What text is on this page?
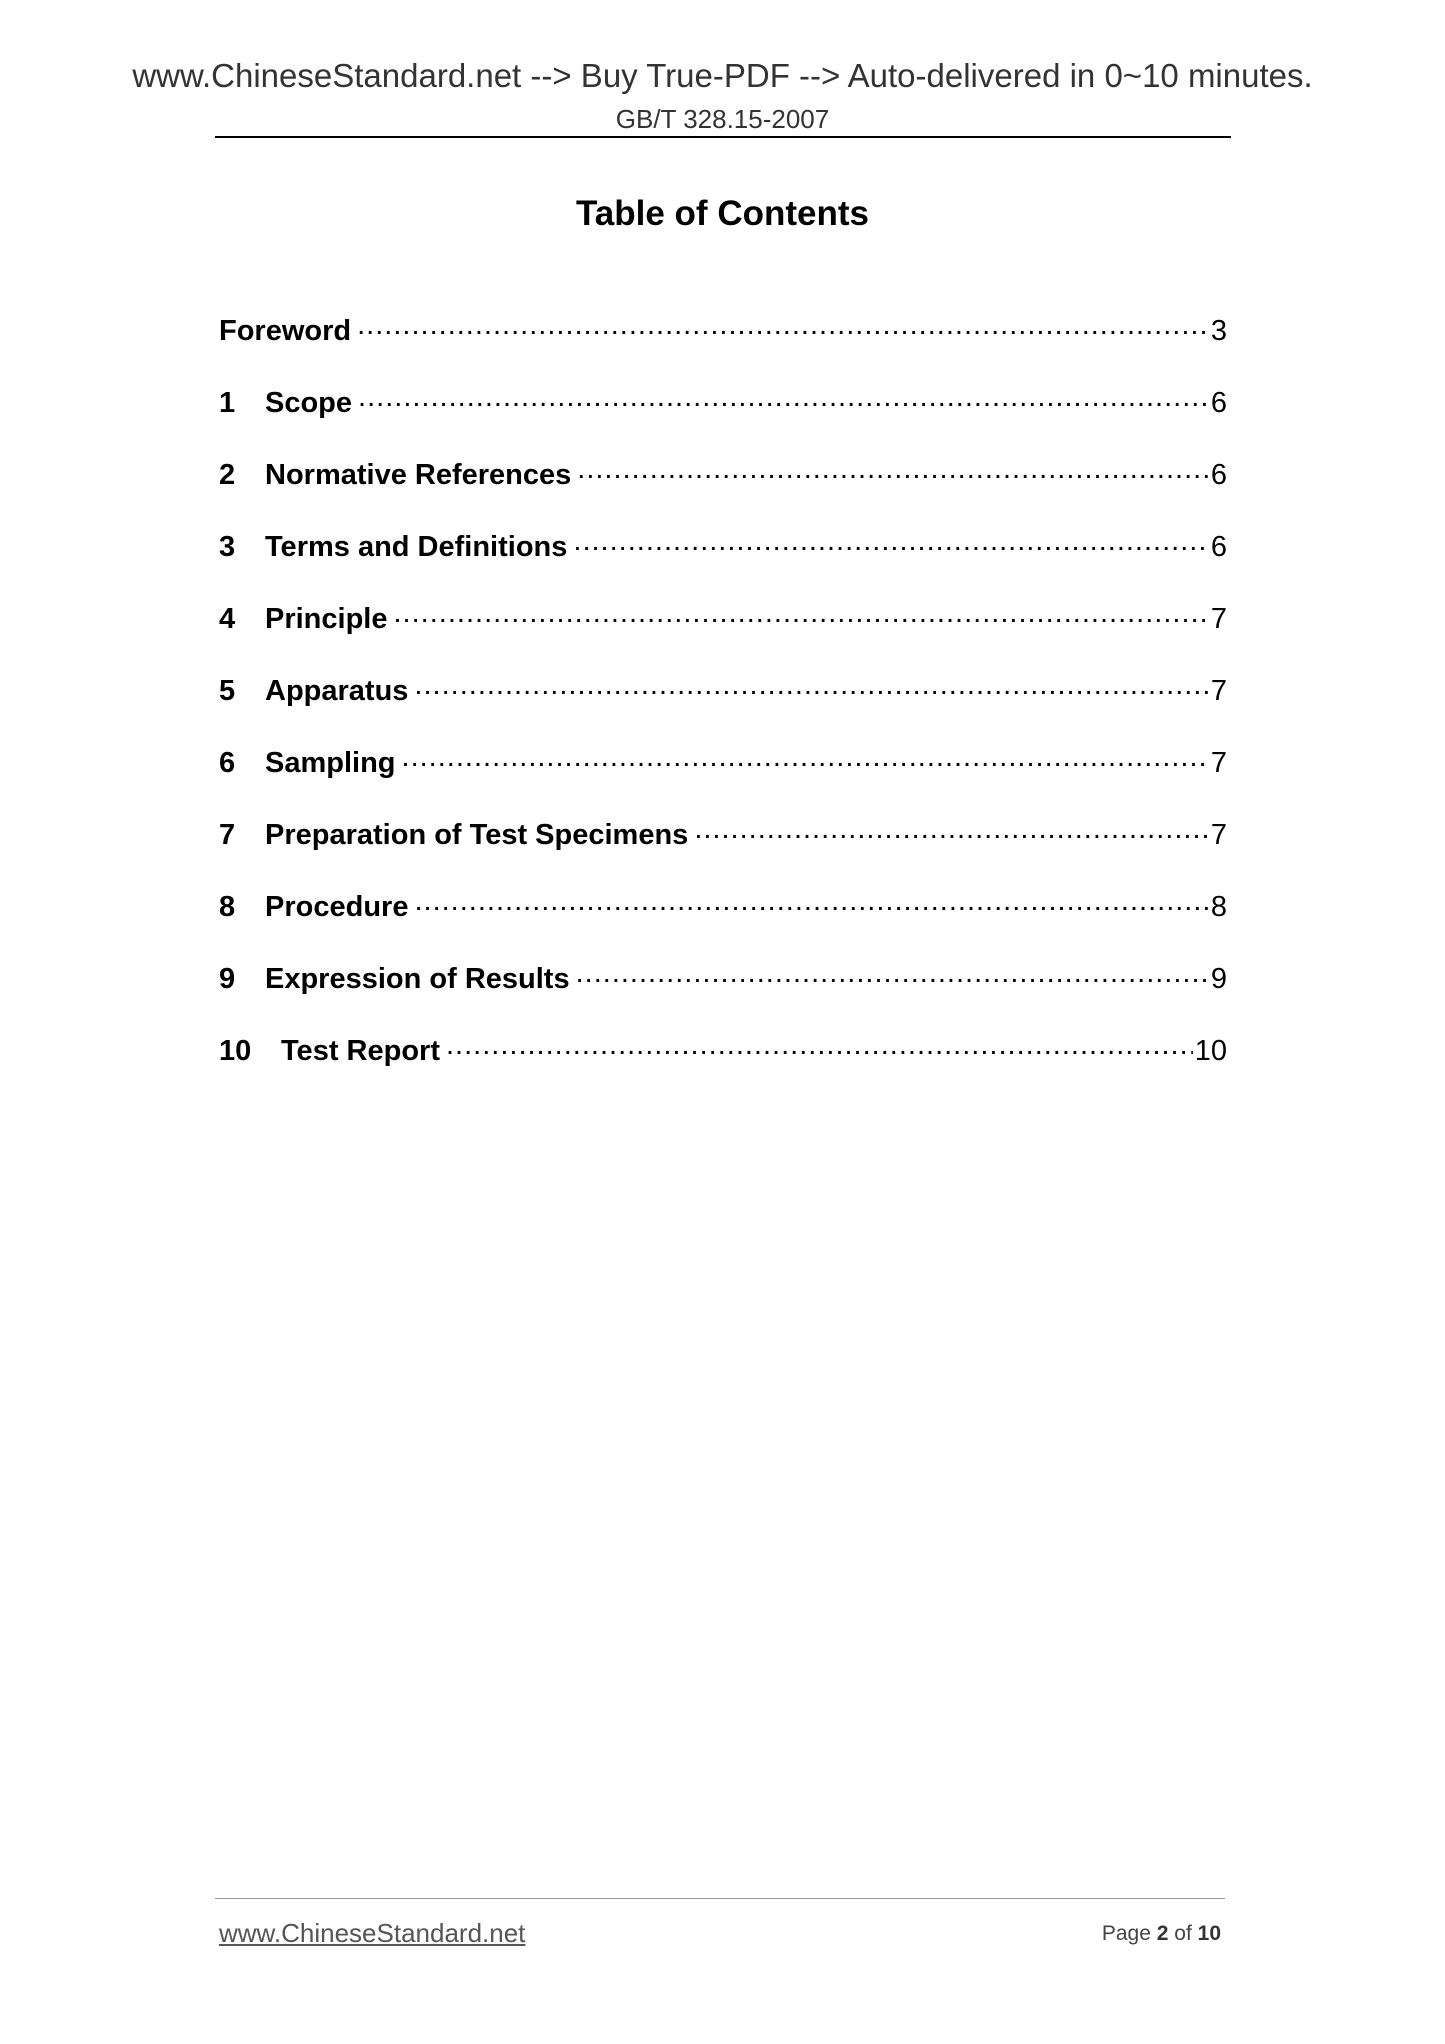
www.ChineseStandard.net --> Buy True-PDF --> Auto-delivered in 0~10 minutes.
GB/T 328.15-2007
Table of Contents
Foreword .....	3
1	Scope .....	6
2	Normative References .....	6
3	Terms and Definitions .....	6
4	Principle .....	7
5	Apparatus .....	7
6	Sampling .....	7
7	Preparation of Test Specimens .....	7
8	Procedure .....	8
9	Expression of Results .....	9
10	Test Report .....	10
www.ChineseStandard.net	Page 2 of 10
